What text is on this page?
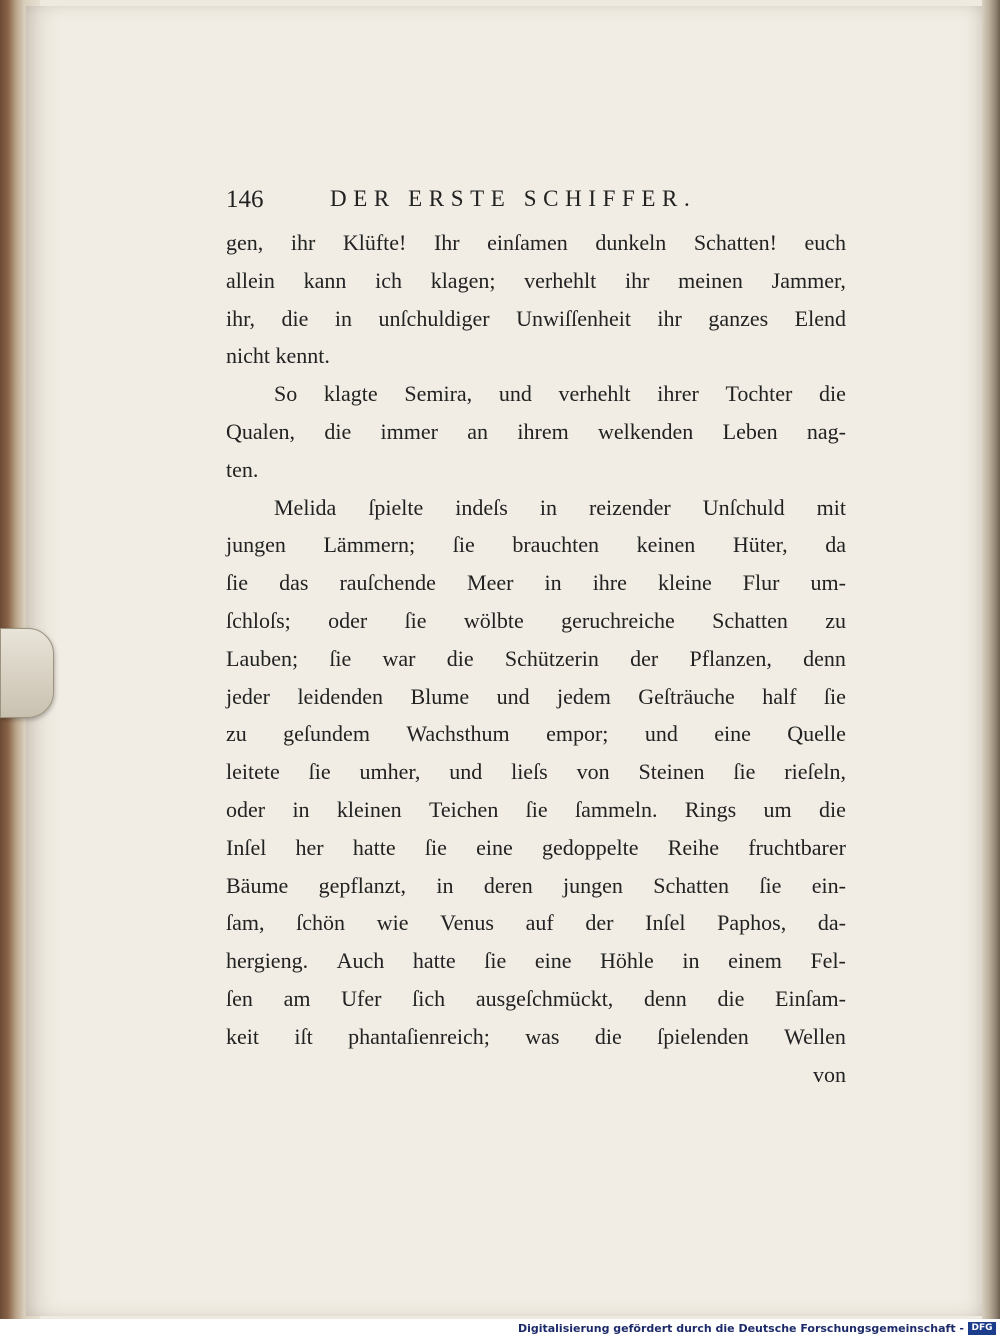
146	DER ERSTE SCHIFFER.
gen, ihr Klüfte! Ihr einſamen dunkeln Schatten! euch
allein kann ich klagen; verhehlt ihr meinen Jammer,
ihr, die in unſchuldiger Unwiſſenheit ihr ganzes Elend
nicht kennt.
So klagte Semira, und verhehlt ihrer Tochter die
Qualen, die immer an ihrem welkenden Leben nag-
ten.
Melida ſpielte indeſs in reizender Unſchuld mit
jungen Lämmern; ſie brauchten keinen Hüter, da
ſie das rauſchende Meer in ihre kleine Flur um-
ſchloſs; oder ſie wölbte geruchreiche Schatten zu
Lauben; ſie war die Schützerin der Pflanzen, denn
jeder leidenden Blume und jedem Geſträuche half ſie
zu geſundem Wachsthum empor; und eine Quelle
leitete ſie umher, und lieſs von Steinen ſie rieſeln,
oder in kleinen Teichen ſie ſammeln. Rings um die
Inſel her hatte ſie eine gedoppelte Reihe fruchtbarer
Bäume gepflanzt, in deren jungen Schatten ſie ein-
ſam, ſchön wie Venus auf der Inſel Paphos, da-
hergieng. Auch hatte ſie eine Höhle in einem Fel-
ſen am Ufer ſich ausgeſchmückt, denn die Einſam-
keit iſt phantaſienreich; was die ſpielenden Wellen
von
Digitalisierung gefördert durch die Deutsche Forschungsgemeinschaft - DFG
